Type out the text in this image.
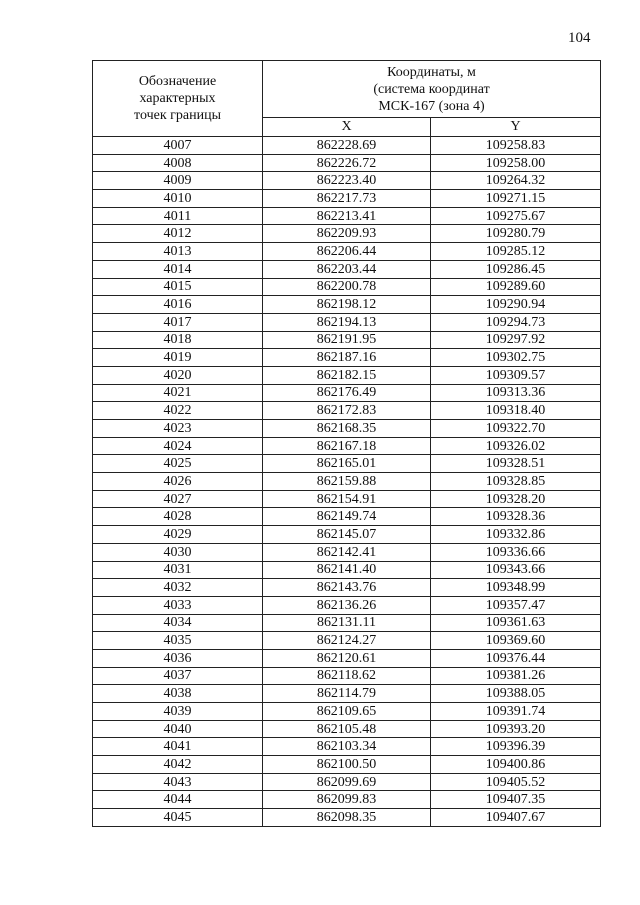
104
Обозначение
характерных
точек границы	Координаты, м
(система координат
МСК-167 (зона 4)	

	X	Y
4007	862228.69	109258.83
4008	862226.72	109258.00
4009	862223.40	109264.32
4010	862217.73	109271.15
4011	862213.41	109275.67
4012	862209.93	109280.79
4013	862206.44	109285.12
4014	862203.44	109286.45
4015	862200.78	109289.60
4016	862198.12	109290.94
4017	862194.13	109294.73
4018	862191.95	109297.92
4019	862187.16	109302.75
4020	862182.15	109309.57
4021	862176.49	109313.36
4022	862172.83	109318.40
4023	862168.35	109322.70
4024	862167.18	109326.02
4025	862165.01	109328.51
4026	862159.88	109328.85
4027	862154.91	109328.20
4028	862149.74	109328.36
4029	862145.07	109332.86
4030	862142.41	109336.66
4031	862141.40	109343.66
4032	862143.76	109348.99
4033	862136.26	109357.47
4034	862131.11	109361.63
4035	862124.27	109369.60
4036	862120.61	109376.44
4037	862118.62	109381.26
4038	862114.79	109388.05
4039	862109.65	109391.74
4040	862105.48	109393.20
4041	862103.34	109396.39
4042	862100.50	109400.86
4043	862099.69	109405.52
4044	862099.83	109407.35
4045	862098.35	109407.67
